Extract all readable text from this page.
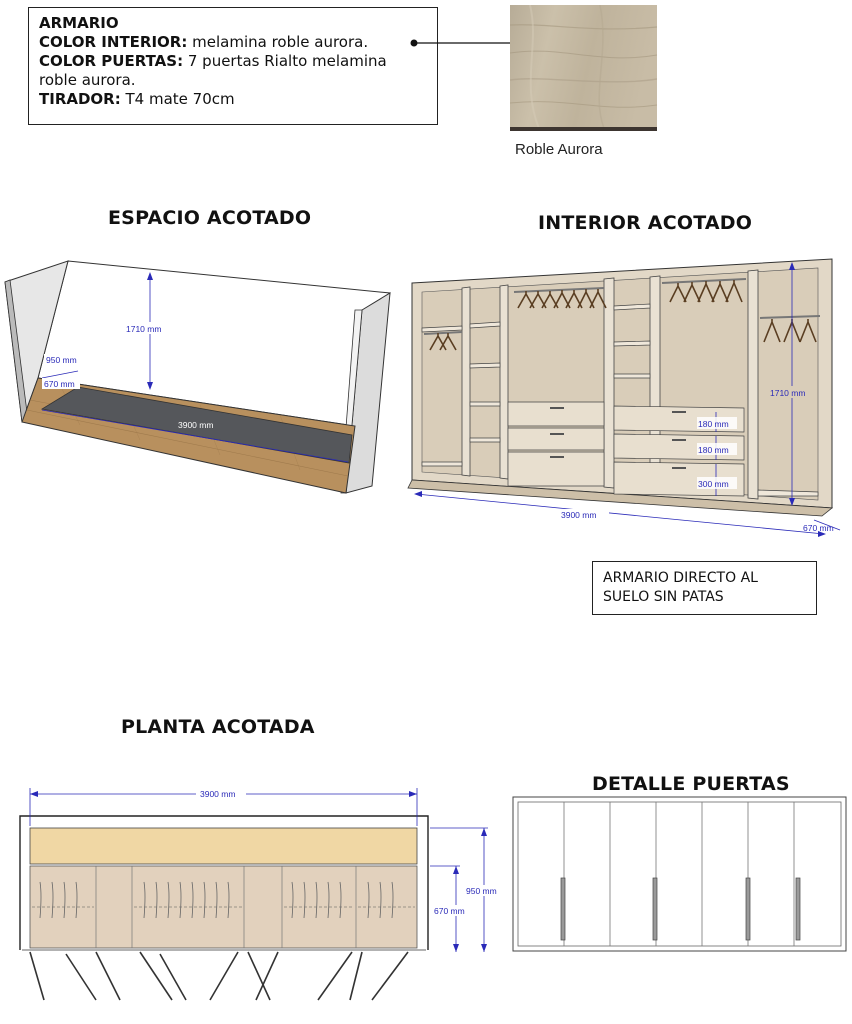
ARMARIO
COLOR INTERIOR: melamina roble aurora.
COLOR PUERTAS: 7 puertas Rialto melamina roble aurora.
TIRADOR: T4 mate 70cm
Roble Aurora
ESPACIO ACOTADO	INTERIOR ACOTADO
PLANTA ACOTADA
DETALLE PUERTAS
1710 mm
950 mm
670 mm
3900 mm	180 mm
180 mm
300 mm
1710 mm
3900 mm
670 mm
ARMARIO DIRECTO AL SUELO SIN PATAS
3900 mm
950 mm
670 mm
